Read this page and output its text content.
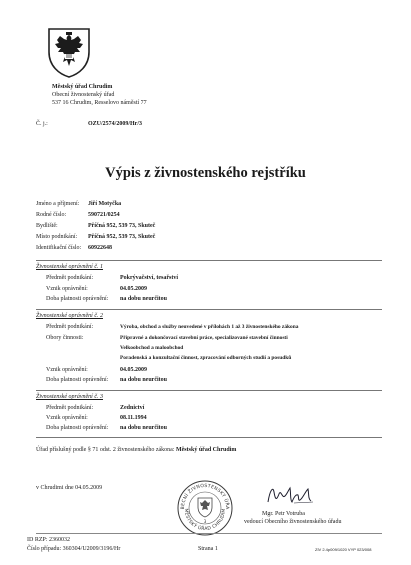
Městský úřad Chrudim
Obecní živnostenský úřad
537 16 Chrudim, Resselovo náměstí 77
Č. j.:	OZU/2574/2009/Hr/3
Výpis z živnostenského rejstříku
Jméno a příjmení: Jiří Motyčka
Rodné číslo:	590721/0254
Bydliště:	Příčná 952, 539 73, Skuteč
Místo podnikání: Příčná 952, 539 73, Skuteč
Identifikační číslo: 60922648
Živnostenské oprávnění č. 1
Předmět podnikání:	Pokrývačství, tesařství
Vznik oprávnění:	04.05.2009
Doba platnosti oprávnění: na dobu neurčitou
Živnostenské oprávnění č. 2
Předmět podnikání:	Výroba, obchod a služby neuvedené v přílohách 1 až 3 živnostenského zákona
Obory činnosti:	Přípravné a dokončovací stavební práce, specializované stavební činnosti
Velkoobchod a maloobchod
Poradenská a konzultační činnost, zpracování odborných studií a posudků
Vznik oprávnění:	04.05.2009
Doba platnosti oprávnění: na dobu neurčitou
Živnostenské oprávnění č. 3
Předmět podnikání:	Zednictví
Vznik oprávnění:	08.11.1994
Doba platnosti oprávnění: na dobu neurčitou
Úřad příslušný podle § 71 odst. 2 živnostenského zákona: Městský úřad Chrudim
v Chrudimi dne 04.05.2009
BECNÍ ŽIVNOSTENSKÝ ÚŘA
MĚSTSKÝ ÚŘAD CHRUDIM
3
Mgr. Petr Votruba
vedoucí Obecního živnostenského úřadu
ID RZP: 2360032
Číslo případu: 360304/U2009/3196/Hr	Strana 1	ZIV 2.4p009/1020 VYP 023/008
